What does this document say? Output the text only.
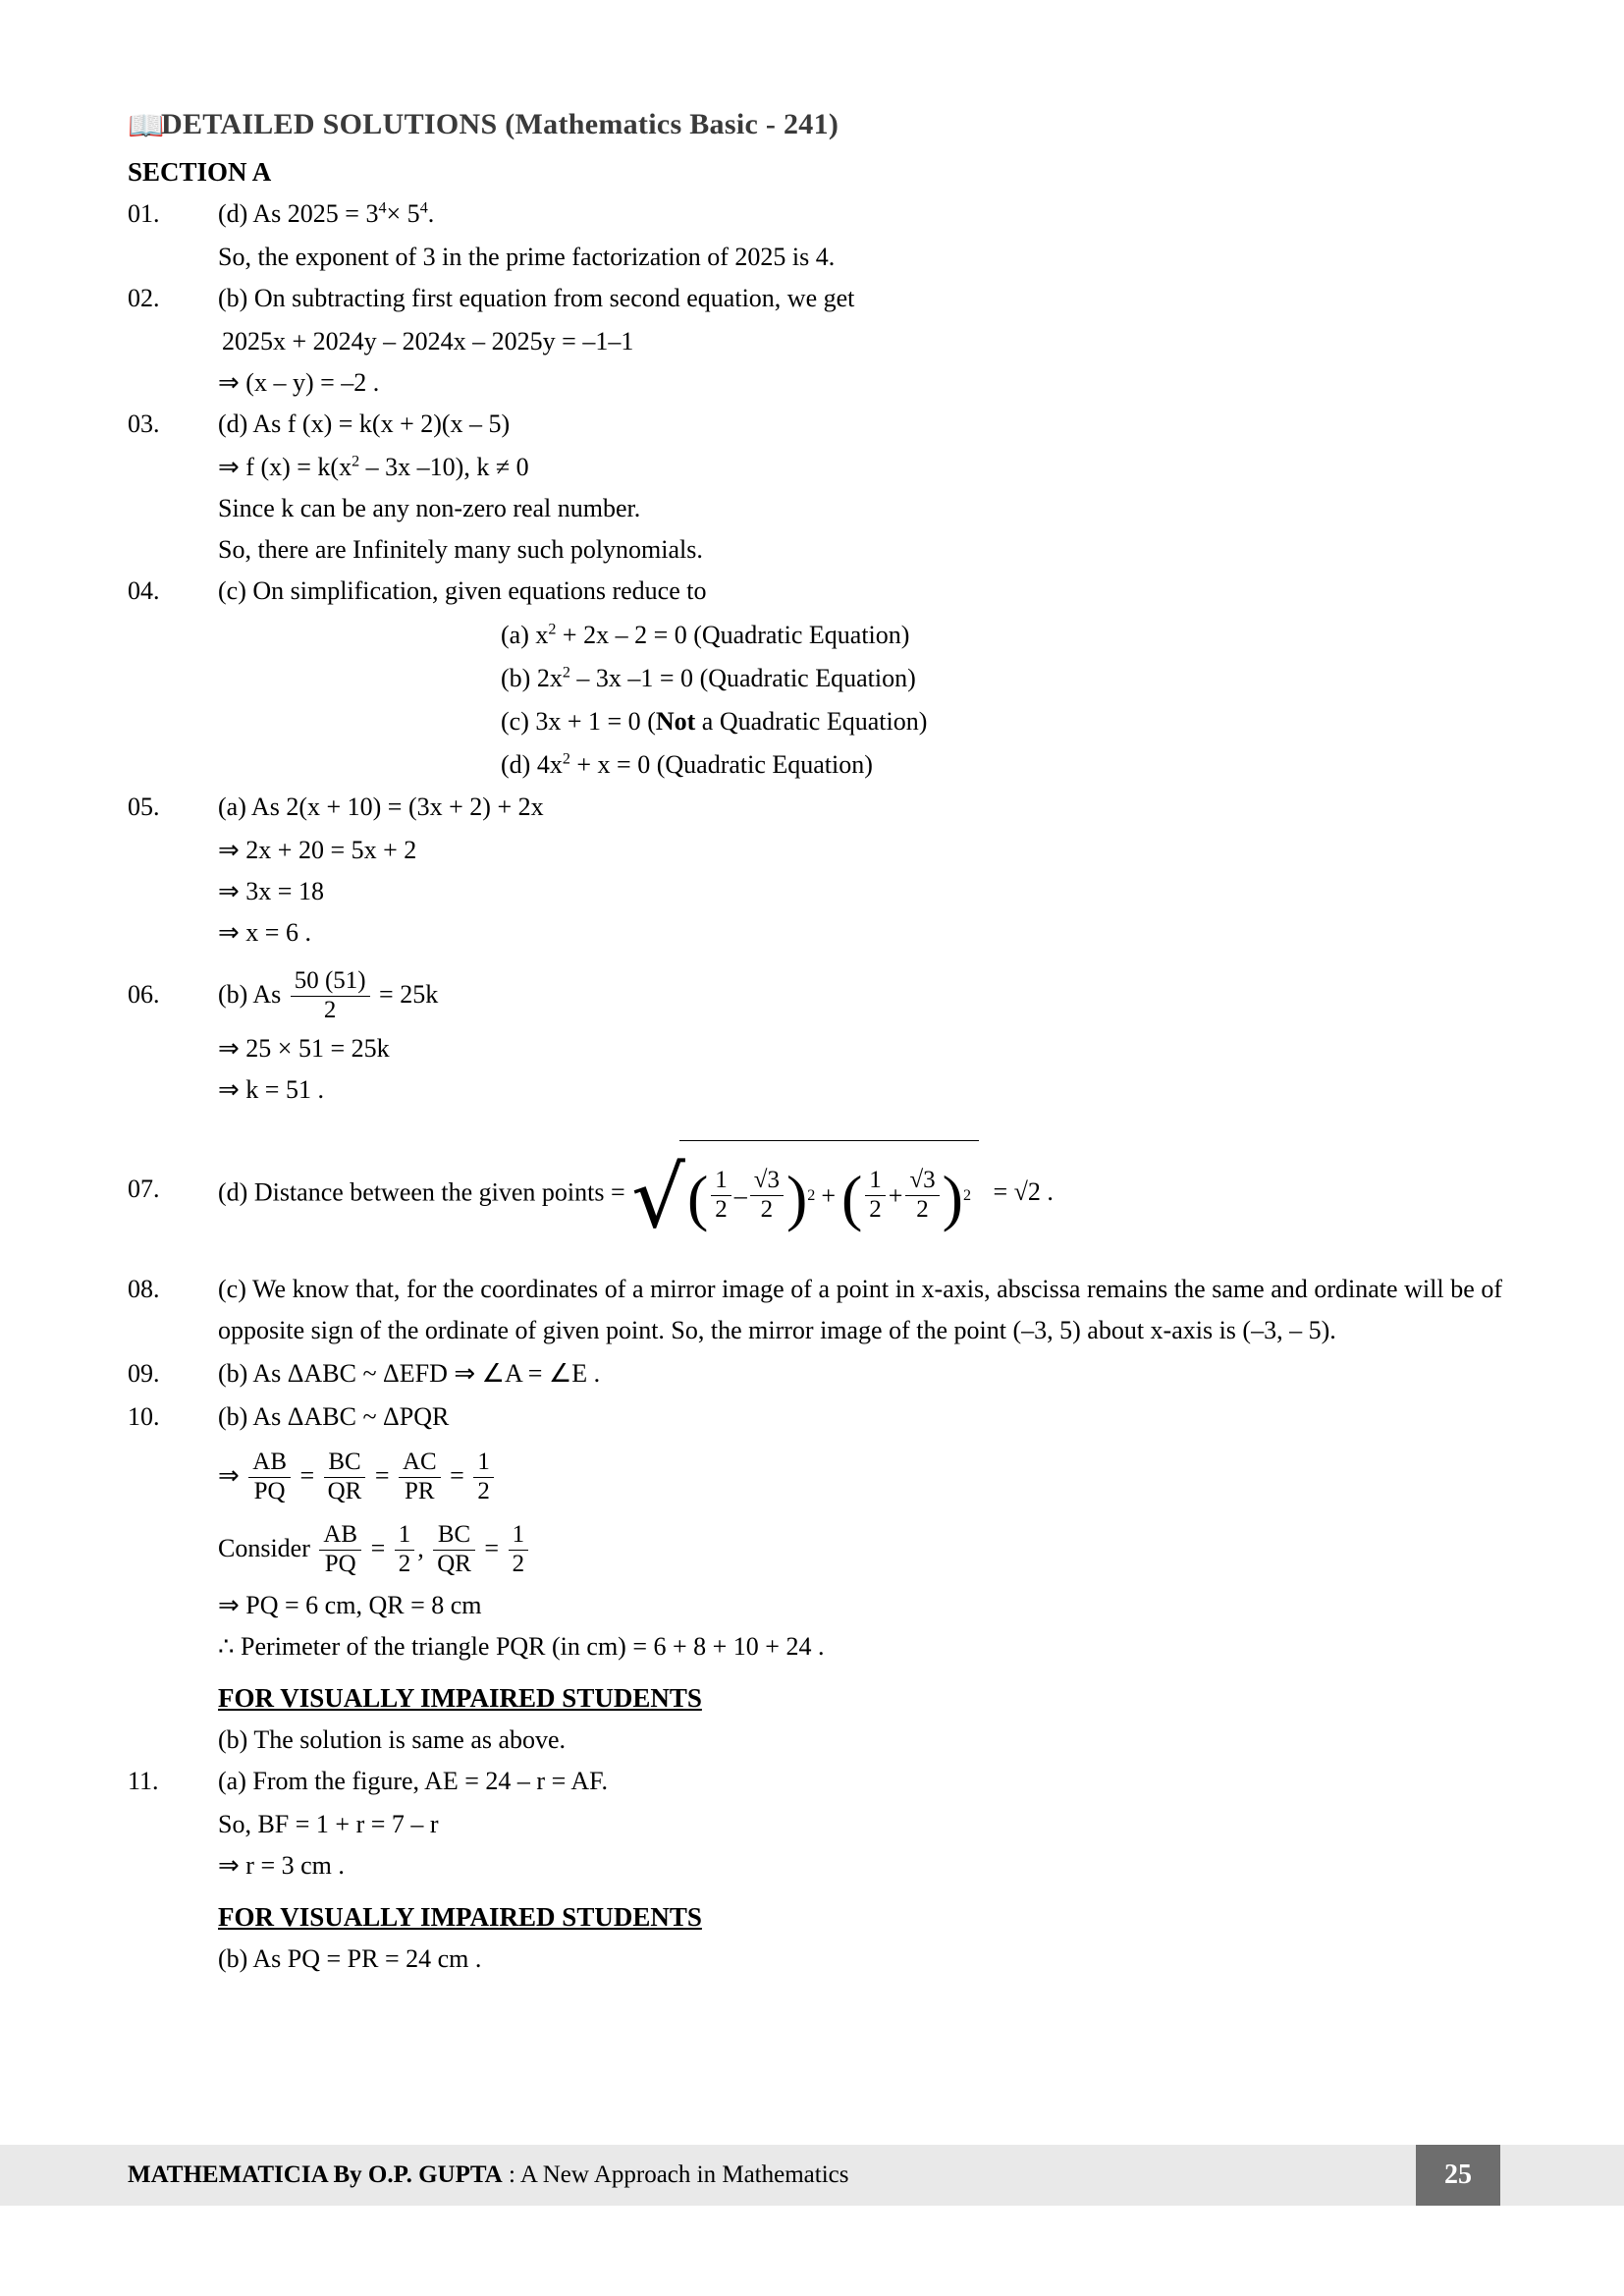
📖DETAILED SOLUTIONS (Mathematics Basic - 241)
SECTION A
01.	(d) As $2025 = 3^4\times 5^4$.
So, the exponent of 3 in the prime factorization of 2025 is 4.
02.	(b) On subtracting first equation from second equation, we get
2025x + 2024y – 2024x – 2025y = –1–1
⇒ (x – y) = –2 .
03.	(d) As f (x) = k(x + 2)(x – 5)
⇒ f $(x) = k(x^2 - 3x$ –10), k ≠ 0
Since k can be any non-zero real number.
So, there are Infinitely many such polynomials.
04.	(c) On simplification, given equations reduce to
(a) $x^2 + 2x - 2 = 0$ (Quadratic Equation)
(b) $2x^2 - 3x$ –1 = 0 (Quadratic Equation)
(c) 3x + 1 = 0 (Not a Quadratic Equation)
(d) $4x^2 + x = 0$ (Quadratic Equation)
05.	(a) As 2(x + 10) = (3x + 2) + 2x
⇒ 2x + 20 = 5x + 2
⇒ 3x = 18
⇒ x = 6 .
06.	(b) As $\frac{50 (51)}{2} = 25k$
⇒ 25 × 51 = 25k
⇒ k = 51 .
07.	(d) Distance between the given points = √ ( $\frac{1}{2} - \frac{√3}{2}$ ) 2 + ( $\frac{1}{2} + \frac{√3}{2}$ ) 2 = √2 .
08.	(c) We know that, for the coordinates of a mirror image of a point in x-axis, abscissa remains the same and ordinate will be of opposite sign of the ordinate of given point. So, the mirror image of the point (–3, 5) about x-axis is (–3, – 5).
09.	(b) As ΔABC ~ ΔEFD ⇒ ∠A = ∠E .
10.	(b) As ΔABC ~ ΔPQR
⇒ $\frac{AB}{PQ} = \frac{BC}{QR} = \frac{AC}{PR} = \frac{1}{2}$
Consider $\frac{AB}{PQ} = \frac{1}{2}$ , $\frac{BC}{QR} = \frac{1}{2}$
⇒ PQ = 6 cm, QR = 8 cm
∴ Perimeter of the triangle PQR (in cm) = 6 + 8 + 10 + 24 .
FOR VISUALLY IMPAIRED STUDENTS
(b) The solution is same as above.
11.	(a) From the figure, AE = 24 – r = AF.
So, BF = 1 + r = 7 – r
⇒ r = 3 cm .
FOR VISUALLY IMPAIRED STUDENTS
(b) As PQ = PR = 24 cm .
MATHEMATICIA By O.P. GUPTA : A New Approach in Mathematics	25
